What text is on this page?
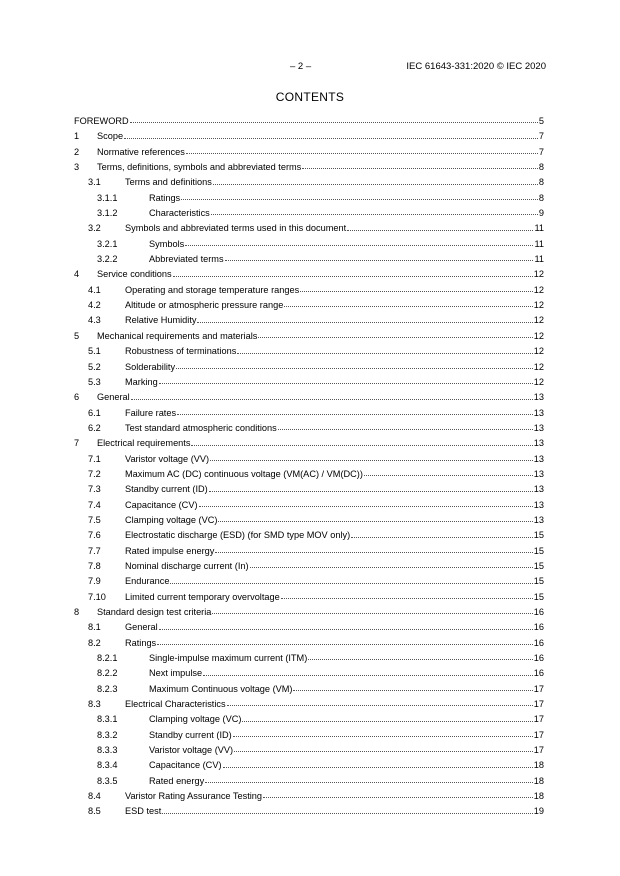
– 2 –	IEC 61643-331:2020 © IEC 2020
CONTENTS
FOREWORD	5
1	Scope	7
2	Normative references	7
3	Terms, definitions, symbols and abbreviated terms	8
3.1	Terms and definitions	8
3.1.1	Ratings	8
3.1.2	Characteristics	9
3.2	Symbols and abbreviated terms used in this document	11
3.2.1	Symbols	11
3.2.2	Abbreviated terms	11
4	Service conditions	12
4.1	Operating and storage temperature ranges	12
4.2	Altitude or atmospheric pressure range	12
4.3	Relative Humidity	12
5	Mechanical requirements and materials	12
5.1	Robustness of terminations	12
5.2	Solderability	12
5.3	Marking	12
6	General	13
6.1	Failure rates	13
6.2	Test standard atmospheric conditions	13
7	Electrical requirements	13
7.1	Varistor voltage (VV)	13
7.2	Maximum AC (DC) continuous voltage (VM(AC) / VM(DC))	13
7.3	Standby current (ID)	13
7.4	Capacitance (CV)	13
7.5	Clamping voltage (VC)	13
7.6	Electrostatic discharge (ESD) (for SMD type MOV only)	15
7.7	Rated impulse energy	15
7.8	Nominal discharge current (In)	15
7.9	Endurance	15
7.10	Limited current temporary overvoltage	15
8	Standard design test criteria	16
8.1	General	16
8.2	Ratings	16
8.2.1	Single-impulse maximum current (ITM)	16
8.2.2	Next impulse	16
8.2.3	Maximum Continuous voltage (VM)	17
8.3	Electrical Characteristics	17
8.3.1	Clamping voltage (VC)	17
8.3.2	Standby current (ID)	17
8.3.3	Varistor voltage (VV)	17
8.3.4	Capacitance (CV)	18
8.3.5	Rated energy	18
8.4	Varistor Rating Assurance Testing	18
8.5	ESD test	19
